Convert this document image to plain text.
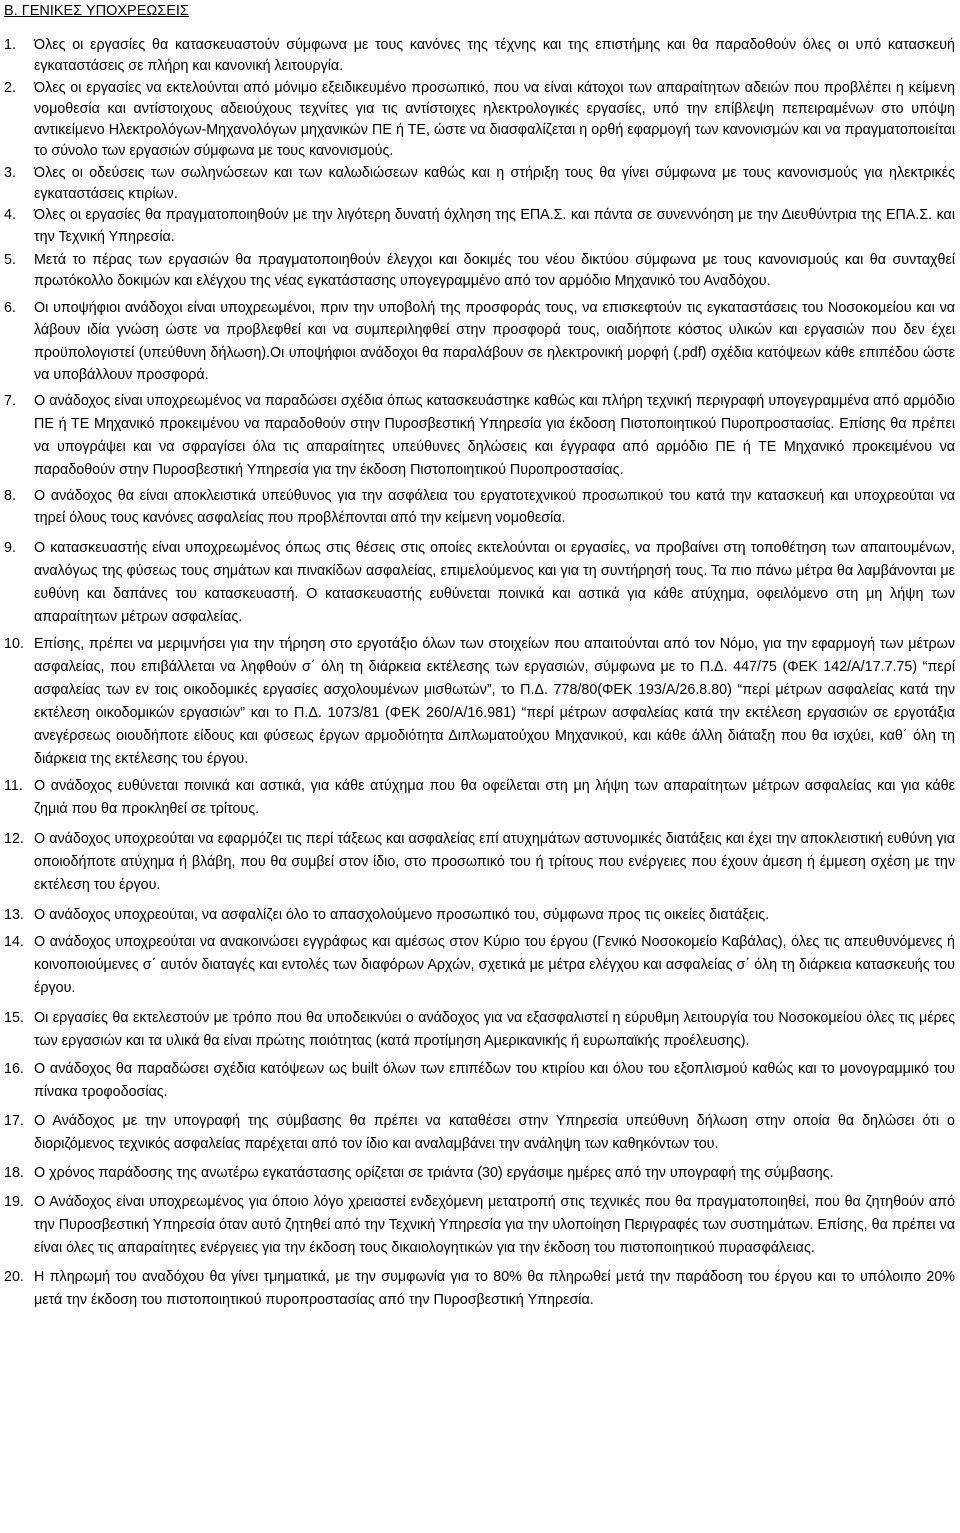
Β. ΓΕΝΙΚΕΣ ΥΠΟΧΡΕΩΣΕΙΣ
1.	Όλες οι εργασίες θα κατασκευαστούν σύμφωνα με τους κανόνες της τέχνης και της επιστήμης και θα παραδοθούν όλες οι υπό κατασκευή εγκαταστάσεις σε πλήρη και κανονική λειτουργία.
2.	Όλες οι εργασίες να εκτελούνται από μόνιμο εξειδικευμένο προσωπικό, που να είναι κάτοχοι των απαραίτητων αδειών που προβλέπει η κείμενη νομοθεσία και αντίστοιχους αδειούχους τεχνίτες για τις αντίστοιχες ηλεκτρολογικές εργασίες, υπό την επίβλεψη πεπειραμένων στο υπόψη αντικείμενο Ηλεκτρολόγων-Μηχανολόγων μηχανικών ΠΕ ή ΤΕ, ώστε να διασφαλίζεται η ορθή εφαρμογή των κανονισμών και να πραγματοποιείται το σύνολο των εργασιών σύμφωνα με τους κανονισμούς.
3.	Όλες οι οδεύσεις των σωληνώσεων και των καλωδιώσεων καθώς και η στήριξη τους θα γίνει σύμφωνα με τους κανονισμούς για ηλεκτρικές εγκαταστάσεις κτιρίων.
4.	Όλες οι εργασίες θα πραγματοποιηθούν με την λιγότερη δυνατή όχληση της ΕΠΑ.Σ. και πάντα σε συνεννόηση με την Διευθύντρια της ΕΠΑ.Σ. και την Τεχνική Υπηρεσία.
5.	Μετά το πέρας των εργασιών θα πραγματοποιηθούν έλεγχοι και δοκιμές του νέου δικτύου σύμφωνα με τους κανονισμούς και θα συνταχθεί πρωτόκολλο δοκιμών και ελέγχου της νέας εγκατάστασης υπογεγραμμένο από τον αρμόδιο Μηχανικό του Αναδόχου.
6.	Οι υποψήφιοι ανάδοχοι είναι υποχρεωμένοι, πριν την υποβολή της προσφοράς τους, να επισκεφτούν τις εγκαταστάσεις του Νοσοκομείου και να λάβουν ιδία γνώση ώστε να προβλεφθεί και να συμπεριληφθεί στην προσφορά τους, οιαδήποτε κόστος υλικών και εργασιών που δεν έχει προϋπολογιστεί (υπεύθυνη δήλωση).Οι υποψήφιοι ανάδοχοι θα παραλάβουν σε ηλεκτρονική μορφή (.pdf) σχέδια κατόψεων κάθε επιπέδου ώστε να υποβάλλουν προσφορά.
7.	Ο ανάδοχος είναι υποχρεωμένος να παραδώσει σχέδια όπως κατασκευάστηκε καθώς και πλήρη τεχνική περιγραφή υπογεγραμμένα από αρμόδιο ΠΕ ή ΤΕ Μηχανικό προκειμένου να παραδοθούν στην Πυροσβεστική Υπηρεσία για έκδοση Πιστοποιητικού Πυροπροστασίας. Επίσης θα πρέπει να υπογράψει και να σφραγίσει όλα τις απαραίτητες υπεύθυνες δηλώσεις και έγγραφα από αρμόδιο ΠΕ ή ΤΕ Μηχανικό προκειμένου να παραδοθούν στην Πυροσβεστική Υπηρεσία για την έκδοση Πιστοποιητικού Πυροπροστασίας.
8.	Ο ανάδοχος θα είναι αποκλειστικά υπεύθυνος για την ασφάλεια του εργατοτεχνικού προσωπικού του κατά την κατασκευή και υποχρεούται να τηρεί όλους τους κανόνες ασφαλείας που προβλέπονται από την κείμενη νομοθεσία.
9.	Ο κατασκευαστής είναι υποχρεωμένος όπως στις θέσεις στις οποίες εκτελούνται οι εργασίες, να προβαίνει στη τοποθέτηση των απαιτουμένων, αναλόγως της φύσεως τους σημάτων και πινακίδων ασφαλείας, επιμελούμενος και για τη συντήρησή τους. Τα πιο πάνω μέτρα θα λαμβάνονται με ευθύνη και δαπάνες του κατασκευαστή. Ο κατασκευαστής ευθύνεται ποινικά και αστικά για κάθε ατύχημα, οφειλόμενο στη μη λήψη των απαραίτητων μέτρων ασφαλείας.
10. Επίσης, πρέπει να μεριμνήσει για την τήρηση στο εργοτάξιο όλων των στοιχείων που απαιτούνται από τον Νόμο, για την εφαρμογή των μέτρων ασφαλείας, που επιβάλλεται να ληφθούν σ΄ όλη τη διάρκεια εκτέλεσης των εργασιών, σύμφωνα με το Π.Δ. 447/75 (ΦΕΚ 142/Α/17.7.75) “περί ασφαλείας των εν τοις οικοδομικές εργασίες ασχολουμένων μισθωτών”, το Π.Δ. 778/80(ΦΕΚ 193/Α/26.8.80) “περί μέτρων ασφαλείας κατά την εκτέλεση οικοδομικών εργασιών” και το Π.Δ. 1073/81 (ΦΕΚ 260/Α/16.981) “περί μέτρων ασφαλείας κατά την εκτέλεση εργασιών σε εργοτάξια ανεγέρσεως οιουδήποτε είδους και φύσεως έργων αρμοδιότητα Διπλωματούχου Μηχανικού, και κάθε άλλη διάταξη που θα ισχύει, καθ΄ όλη τη διάρκεια της εκτέλεσης του έργου.
11. Ο ανάδοχος ευθύνεται ποινικά και αστικά, για κάθε ατύχημα που θα οφείλεται στη μη λήψη των απαραίτητων μέτρων ασφαλείας και για κάθε ζημιά που θα προκληθεί σε τρίτους.
12. Ο ανάδοχος υποχρεούται να εφαρμόζει τις περί τάξεως και ασφαλείας επί ατυχημάτων αστυνομικές διατάξεις και έχει την αποκλειστική ευθύνη για οποιοδήποτε ατύχημα ή βλάβη, που θα συμβεί στον ίδιο, στο προσωπικό του ή τρίτους που ενέργειες που έχουν άμεση ή έμμεση σχέση με την εκτέλεση του έργου.
13. Ο ανάδοχος υποχρεούται, να ασφαλίζει όλο το απασχολούμενο προσωπικό του, σύμφωνα προς τις οικείες διατάξεις.
14. Ο ανάδοχος υποχρεούται να ανακοινώσει εγγράφως και αμέσως στον Κύριο του έργου (Γενικό Νοσοκομείο Καβάλας), όλες τις απευθυνόμενες ή κοινοποιούμενες σ΄ αυτόν διαταγές και εντολές των διαφόρων Αρχών, σχετικά με μέτρα ελέγχου και ασφαλείας σ΄ όλη τη διάρκεια κατασκευής του έργου.
15. Οι εργασίες θα εκτελεστούν με τρόπο που θα υποδεικνύει ο ανάδοχος για να εξασφαλιστεί η εύρυθμη λειτουργία του Νοσοκομείου όλες τις μέρες των εργασιών και τα υλικά θα είναι πρώτης ποιότητας (κατά προτίμηση Αμερικανικής ή ευρωπαϊκής προέλευσης).
16. Ο ανάδοχος θα παραδώσει σχέδια κατόψεων ως built όλων των επιπέδων του κτιρίου και όλου του εξοπλισμού καθώς και το μονογραμμικό του πίνακα τροφοδοσίας.
17. Ο Ανάδοχος με την υπογραφή της σύμβασης θα πρέπει να καταθέσει στην Υπηρεσία υπεύθυνη δήλωση στην οποία θα δηλώσει ότι ο διοριζόμενος τεχνικός ασφαλείας παρέχεται από τον ίδιο και αναλαμβάνει την ανάληψη των καθηκόντων του.
18. Ο χρόνος παράδοσης της ανωτέρω εγκατάστασης ορίζεται σε τριάντα (30) εργάσιμε ημέρες από την υπογραφή της σύμβασης.
19. Ο Ανάδοχος είναι υποχρεωμένος για όποιο λόγο χρειαστεί ενδεχόμενη μετατροπή στις τεχνικές που θα πραγματοποιηθεί, που θα ζητηθούν από την Πυροσβεστική Υπηρεσία όταν αυτό ζητηθεί από την Τεχνική Υπηρεσία για την υλοποίηση Περιγραφές των συστημάτων. Επίσης, θα πρέπει να είναι όλες τις απαραίτητες ενέργειες για την έκδοση τους δικαιολογητικών για την έκδοση του πιστοποιητικού πυρασφάλειας.
20. Η πληρωμή του αναδόχου θα γίνει τμηματικά, με την συμφωνία για το 80% θα πληρωθεί μετά την παράδοση του έργου και το υπόλοιπο 20% μετά την έκδοση του πιστοποιητικού πυροπροστασίας από την Πυροσβεστική Υπηρεσία.
